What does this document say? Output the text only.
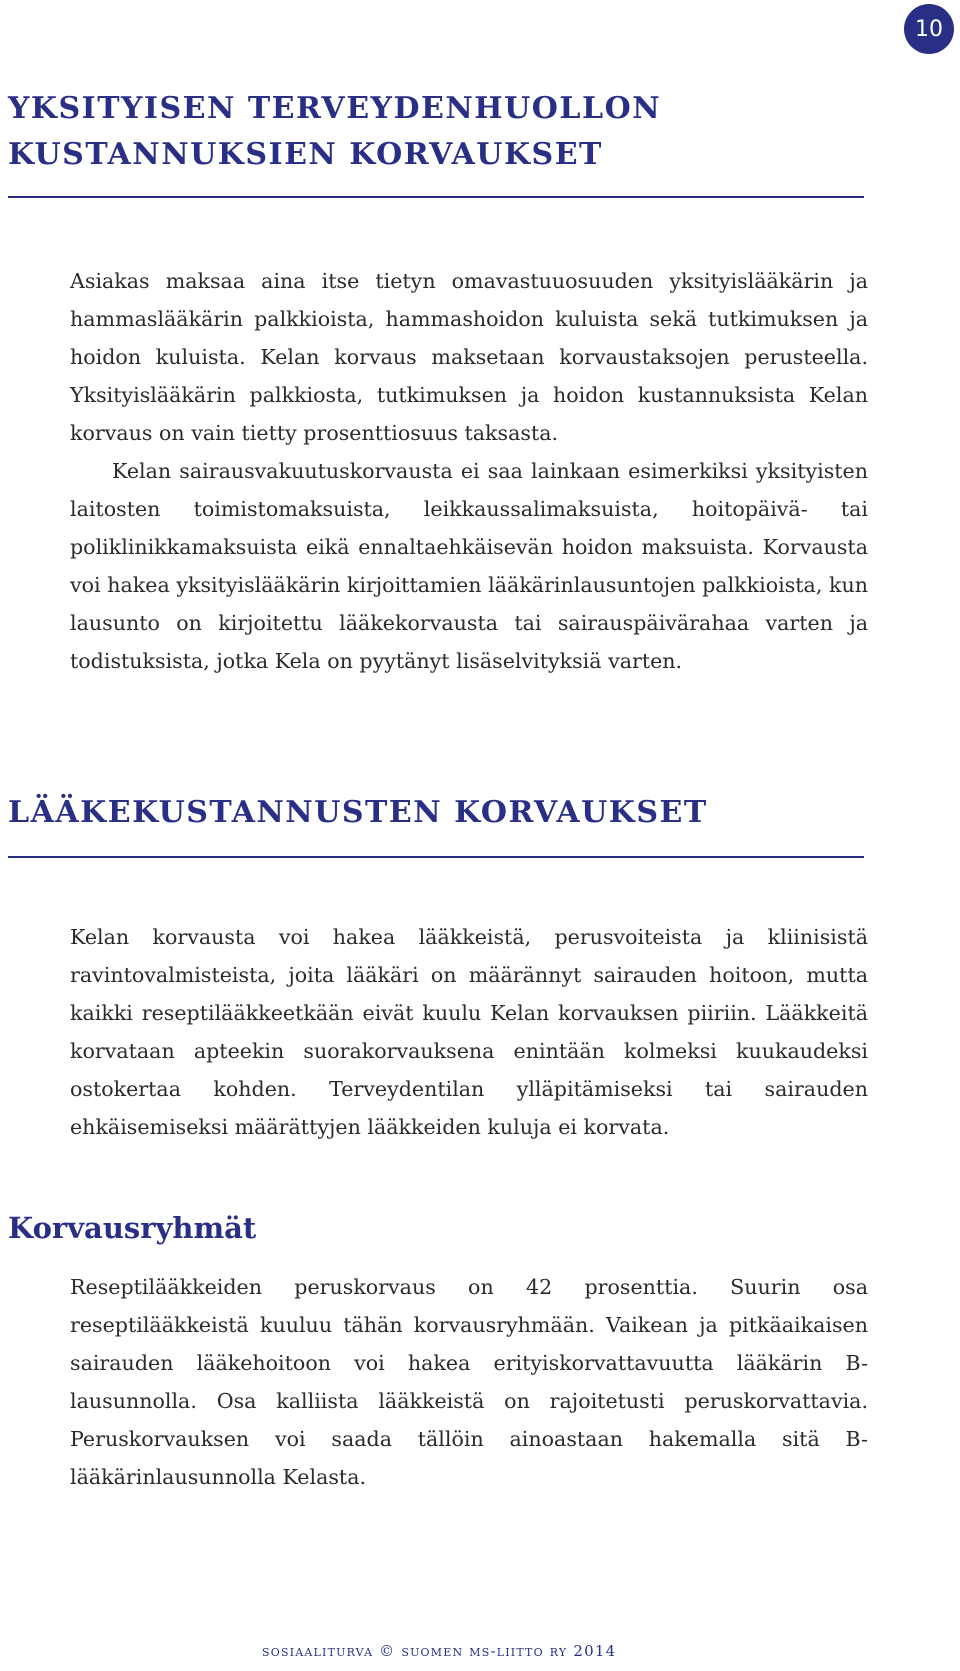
10
YKSITYISEN TERVEYDENHUOLLON
KUSTANNUKSIEN KORVAUKSET

Asiakas maksaa aina itse tietyn omavastuuosuuden yksityislääkärin ja hammaslääkärin palkkioista, hammashoidon kuluista sekä tutkimuksen ja hoidon kuluista. Kelan korvaus maksetaan korvaustaksojen perusteella. Yksityislääkärin palkkiosta, tutkimuksen ja hoidon kustannuksista Kelan korvaus on vain tietty prosenttiosuus taksasta.

Kelan sairausvakuutuskorvausta ei saa lainkaan esimerkiksi yksityisten laitosten toimistomaksuista, leikkaussalimaksuista, hoitopäivä- tai poliklinikkamaksuista eikä ennaltaehkäisevän hoidon maksuista. Korvausta voi hakea yksityislääkärin kirjoittamien lääkärinlausuntojen palkkioista, kun lausunto on kirjoitettu lääkekorvausta tai sairauspäivärahaa varten ja todistuksista, jotka Kela on pyytänyt lisäselvityksiä varten.

LÄÄKEKUSTANNUSTEN KORVAUKSET

Kelan korvausta voi hakea lääkkeistä, perusvoiteista ja kliinisistä ravintovalmisteista, joita lääkäri on määrännyt sairauden hoitoon, mutta kaikki reseptilääkkeetkään eivät kuulu Kelan korvauksen piiriin. Lääkkeitä korvataan apteekin suorakorvauksena enintään kolmeksi kuukaudeksi ostokertaa kohden. Terveydentilan ylläpitämiseksi tai sairauden ehkäisemiseksi määrättyjen lääkkeiden kuluja ei korvata.

Korvausryhmät

Reseptilääkkeiden peruskorvaus on 42 prosenttia. Suurin osa reseptilääkkeistä kuuluu tähän korvausryhmään. Vaikean ja pitkäaikaisen sairauden lääkehoitoon voi hakea erityiskorvattavuutta lääkärin B-lausunnolla. Osa kalliista lääkkeistä on rajoitetusti peruskorvattavia. Peruskorvauksen voi saada tällöin ainoastaan hakemalla sitä B-lääkärinlausunnolla Kelasta.

sosiaaliturva © suomen ms-liitto ry 2014
